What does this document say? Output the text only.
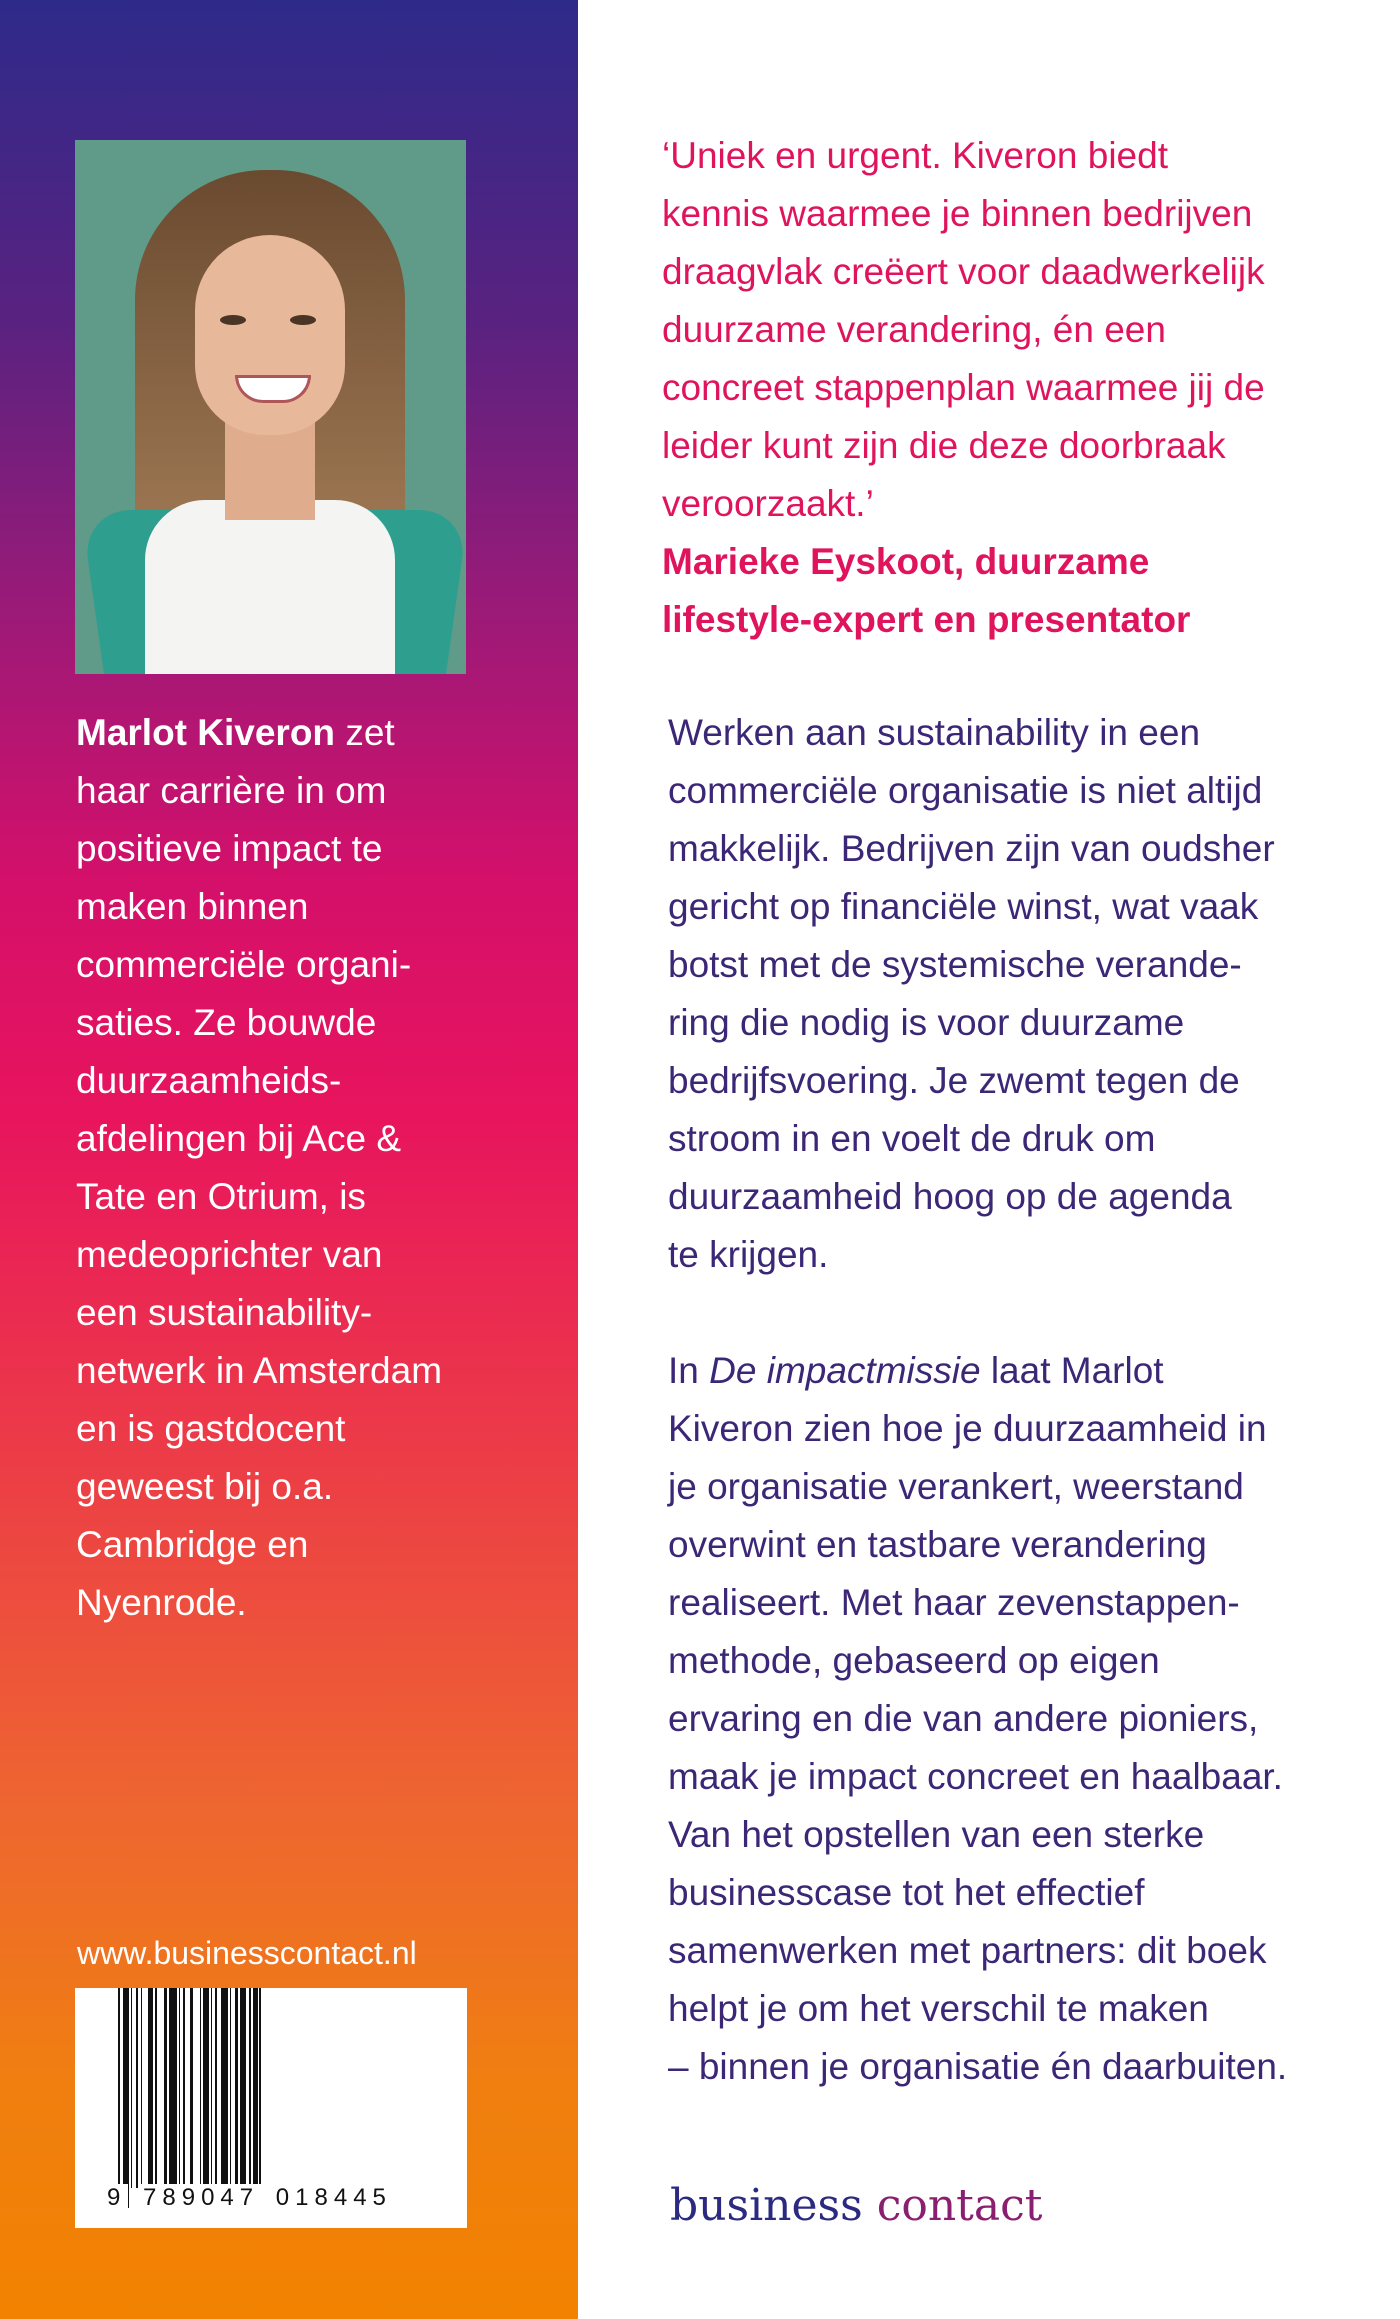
Marlot Kiveron zet
haar carrière in om
positieve impact te
maken binnen
commerciële organi-
saties. Ze bouwde
duurzaamheids-
afdelingen bij Ace &
Tate en Otrium, is
medeoprichter van
een sustainability-
netwerk in Amsterdam
en is gastdocent
geweest bij o.a.
Cambridge en
Nyenrode.
www.businesscontact.nl
9 789047 018445
‘Uniek en urgent. Kiveron biedt
kennis waarmee je binnen bedrijven
draagvlak creëert voor daadwerkelijk
duurzame verandering, én een
concreet stappenplan waarmee jij de
leider kunt zijn die deze doorbraak
veroorzaakt.’
Marieke Eyskoot, duurzame
lifestyle-expert en presentator
Werken aan sustainability in een
commerciële organisatie is niet altijd
makkelijk. Bedrijven zijn van oudsher
gericht op financiële winst, wat vaak
botst met de systemische verande-
ring die nodig is voor duurzame
bedrijfsvoering. Je zwemt tegen de
stroom in en voelt de druk om
duurzaamheid hoog op de agenda
te krijgen.
In De impactmissie laat Marlot
Kiveron zien hoe je duurzaamheid in
je organisatie verankert, weerstand
overwint en tastbare verandering
realiseert. Met haar zevenstappen-
methode, gebaseerd op eigen
ervaring en die van andere pioniers,
maak je impact concreet en haalbaar.
Van het opstellen van een sterke
businesscase tot het effectief
samenwerken met partners: dit boek
helpt je om het verschil te maken
– binnen je organisatie én daarbuiten.
business contact
